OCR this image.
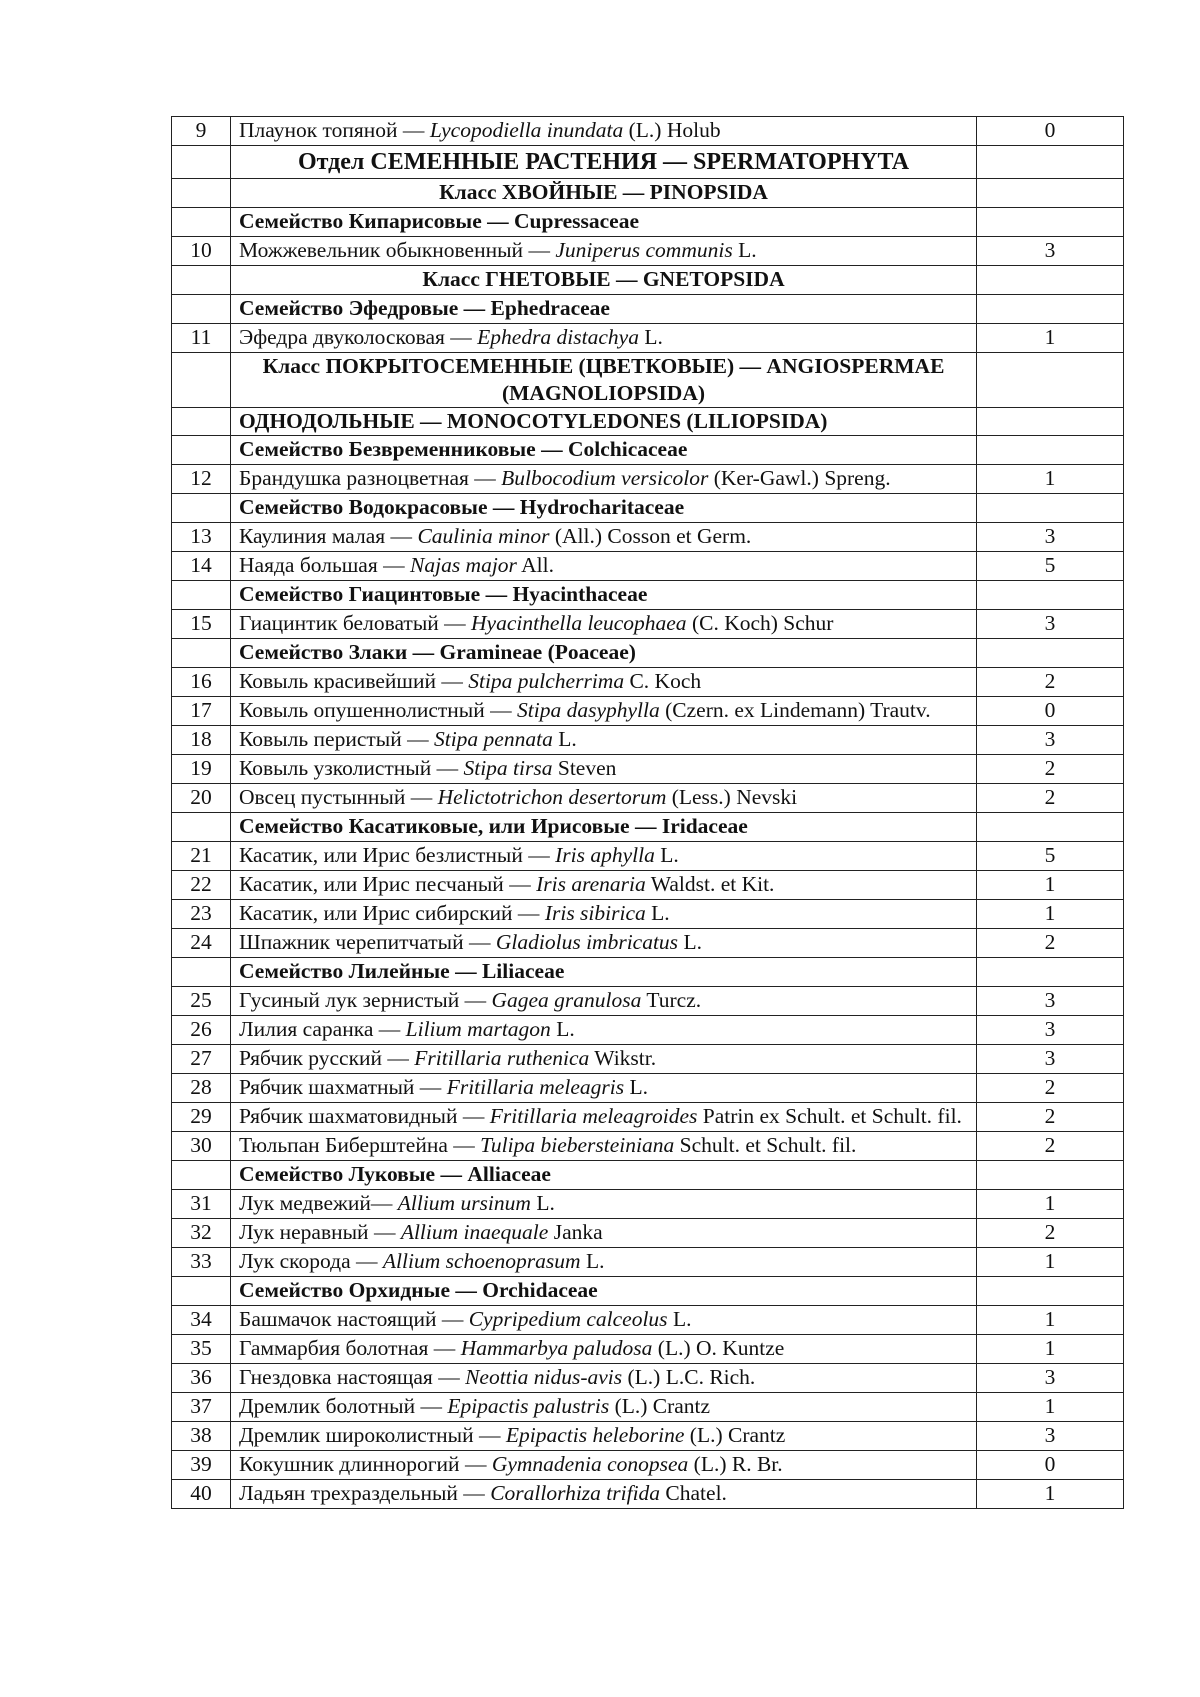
9	Плаунок топяной — Lycopodiella inundata (L.) Holub	0
	Отдел СЕМЕННЫЕ РАСТЕНИЯ — SPERMATOPHYTA	
	Класс ХВОЙНЫЕ — PINOPSIDA	
	Семейство Кипарисовые — Cupressaceae	
10	Можжевельник обыкновенный — Juniperus communis L.	3
	Класс ГНЕТОВЫЕ — GNETOPSIDA	
	Семейство Эфедровые — Ephedraceae	
11	Эфедра двуколосковая — Ephedra distachya L.	1
	Класс ПОКРЫТОСЕМЕННЫЕ (ЦВЕТКОВЫЕ) — ANGIOSPERMAE (MAGNOLIOPSIDA)	
	ОДНОДОЛЬНЫЕ — MONOCOTYLEDONES (LILIOPSIDA)	
	Семейство Безвременниковые — Colchicaceae	
12	Брандушка разноцветная — Bulbocodium versicolor (Ker-Gawl.) Spreng.	1
	Семейство Водокрасовые — Hydrocharitaceae	
13	Каулиния малая — Caulinia minor (All.) Cosson et Germ.	3
14	Наяда большая — Najas major All.	5
	Семейство Гиацинтовые — Hyacinthaceae	
15	Гиацинтик беловатый — Hyacinthella leucophaea (C. Koch) Schur	3
	Семейство Злаки — Gramineae (Poaceae)	
16	Ковыль красивейший — Stipa pulcherrima C. Koch	2
17	Ковыль опушеннолистный — Stipa dasyphylla (Czern. ex Lindemann) Trautv.	0
18	Ковыль перистый — Stipa pennata L.	3
19	Ковыль узколистный — Stipa tirsa Steven	2
20	Овсец пустынный — Helictotrichon desertorum (Less.) Nevski	2
	Семейство Касатиковые, или Ирисовые — Iridaceae	
21	Касатик, или Ирис безлистный — Iris aphylla L.	5
22	Касатик, или Ирис песчаный — Iris arenaria Waldst. et Kit.	1
23	Касатик, или Ирис сибирский — Iris sibirica L.	1
24	Шпажник черепитчатый — Gladiolus imbricatus L.	2
	Семейство Лилейные — Liliaceae	
25	Гусиный лук зернистый — Gagea granulosa Turcz.	3
26	Лилия саранка — Lilium martagon L.	3
27	Рябчик русский — Fritillaria ruthenica Wikstr.	3
28	Рябчик шахматный — Fritillaria meleagris L.	2
29	Рябчик шахматовидный — Fritillaria meleagroides Patrin ex Schult. et Schult. fil.	2
30	Тюльпан Биберштейна — Tulipa biebersteiniana Schult. et Schult. fil.	2
	Семейство Луковые — Alliaceae	
31	Лук медвежий— Allium ursinum L.	1
32	Лук неравный — Allium inaequale Janka	2
33	Лук скорода — Allium schoenoprasum L.	1
	Семейство Орхидные — Orchidaceae	
34	Башмачок настоящий — Cypripedium calceolus L.	1
35	Гаммарбия болотная — Hammarbya paludosa (L.) O. Kuntze	1
36	Гнездовка настоящая — Neottia nidus-avis (L.) L.C. Rich.	3
37	Дремлик болотный — Epipactis palustris (L.) Crantz	1
38	Дремлик широколистный — Epipactis heleborine (L.) Crantz	3
39	Кокушник длиннорогий — Gymnadenia conopsea (L.) R. Br.	0
40	Ладьян трехраздельный — Corallorhiza trifida Chatel.	1
